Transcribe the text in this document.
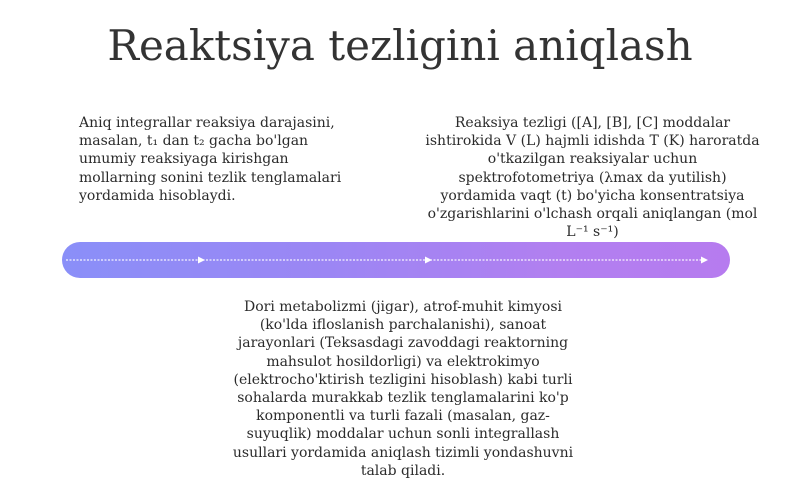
Reaktsiya tezligini aniqlash
Aniq integrallar reaksiya darajasini, masalan, t₁ dan t₂ gacha bo'lgan umumiy reaksiyaga kirishgan mollarning sonini tezlik tenglamalari yordamida hisoblaydi.
Reaksiya tezligi ([A], [B], [C] moddalar ishtirokida V (L) hajmli idishda T (K) haroratda o'tkazilgan reaksiyalar uchun spektrofotometriya (λmax da yutilish) yordamida vaqt (t) bo'yicha konsentratsiya o'zgarishlarini o'lchash orqali aniqlangan (mol L⁻¹ s⁻¹)
Dori metabolizmi (jigar), atrof-muhit kimyosi (ko'lda ifloslanish parchalanishi), sanoat jarayonlari (Teksasdagi zavoddagi reaktorning mahsulot hosildorligi) va elektrokimyo (elektrocho'ktirish tezligini hisoblash) kabi turli sohalarda murakkab tezlik tenglamalarini ko'p komponentli va turli fazali (masalan, gaz-suyuqlik) moddalar uchun sonli integrallash usullari yordamida aniqlash tizimli yondashuvni talab qiladi.
